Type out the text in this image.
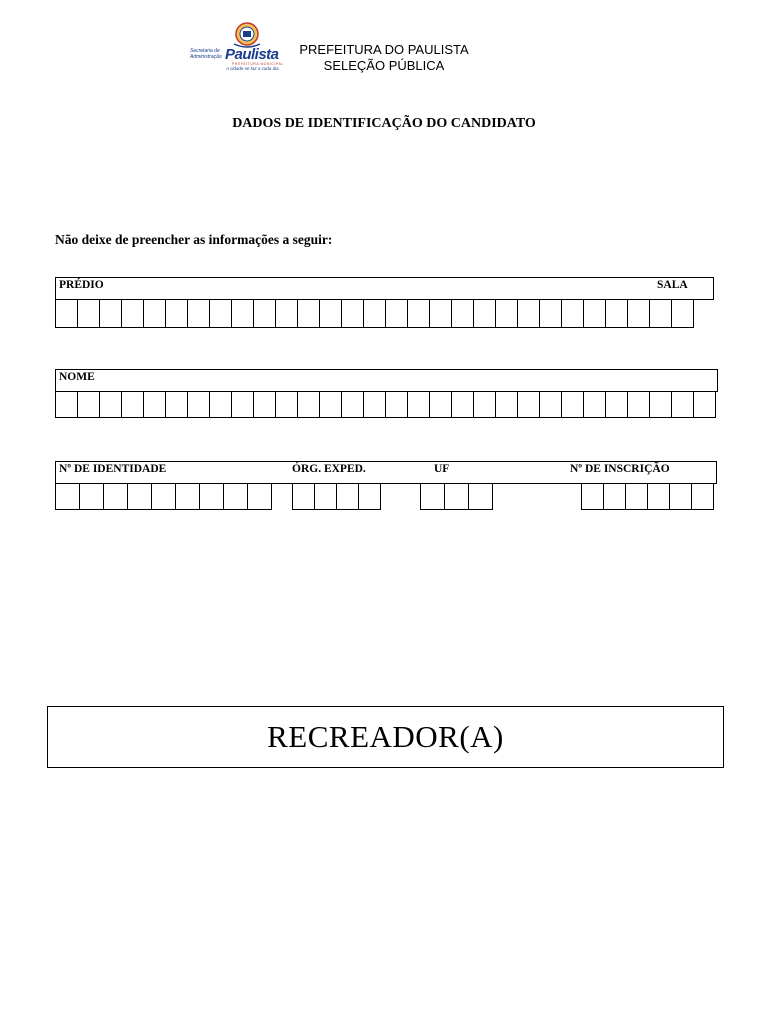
Secretaria de Administração Paulista
PREFEITURA MUNICIPAL
A cidade se faz a cada dia
PREFEITURA DO PAULISTA
SELEÇÃO PÚBLICA
DADOS DE IDENTIFICAÇÃO DO CANDIDATO
Não deixe de preencher as informações a seguir:
PRÉDIO	SALA
NOME
Nº DE IDENTIDADE	ÓRG. EXPED.	UF	Nº DE INSCRIÇÃO
RECREADOR(A)
